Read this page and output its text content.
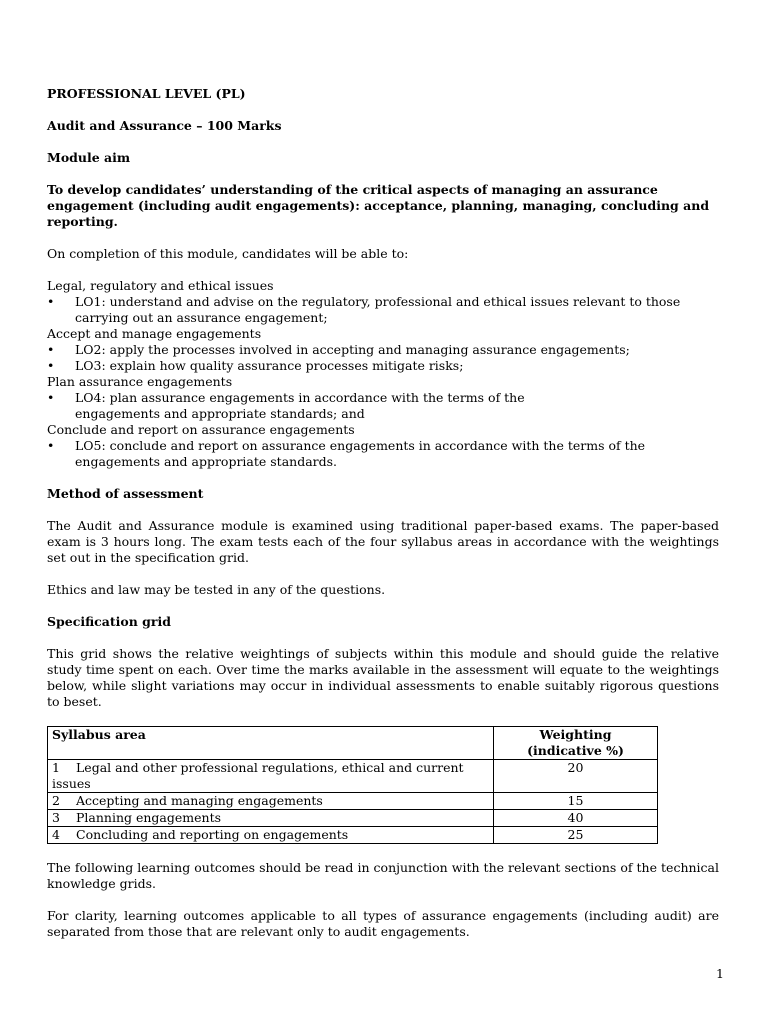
PROFESSIONAL LEVEL (PL)

Audit and Assurance – 100 Marks

Module aim

To develop candidates’ understanding of the critical aspects of managing an assurance engagement (including audit engagements): acceptance, planning, managing, concluding and reporting.

On completion of this module, candidates will be able to:

Legal, regulatory and ethical issues

• LO1: understand and advise on the regulatory, professional and ethical issues relevant to those carrying out an assurance engagement;

Accept and manage engagements

• LO2: apply the processes involved in accepting and managing assurance engagements;
• LO3: explain how quality assurance processes mitigate risks;

Plan assurance engagements

• LO4: plan assurance engagements in accordance with the terms of the engagements and appropriate standards; and

Conclude and report on assurance engagements

• LO5: conclude and report on assurance engagements in accordance with the terms of the engagements and appropriate standards.

Method of assessment

The Audit and Assurance module is examined using traditional paper-based exams. The paper-based exam is 3 hours long. The exam tests each of the four syllabus areas in accordance with the weightings set out in the specification grid.

Ethics and law may be tested in any of the questions.

Specification grid

This grid shows the relative weightings of subjects within this module and should guide the relative study time spent on each. Over time the marks available in the assessment will equate to the weightings below, while slight variations may occur in individual assessments to enable suitably rigorous questions to beset.

Syllabus area	Weighting
(indicative %)

1 Legal and other professional regulations, ethical and current issues	20
2 Accepting and managing engagements	15
3 Planning engagements	40
4 Concluding and reporting on engagements	25

The following learning outcomes should be read in conjunction with the relevant sections of the technical knowledge grids.

For clarity, learning outcomes applicable to all types of assurance engagements (including audit) are separated from those that are relevant only to audit engagements.

1
